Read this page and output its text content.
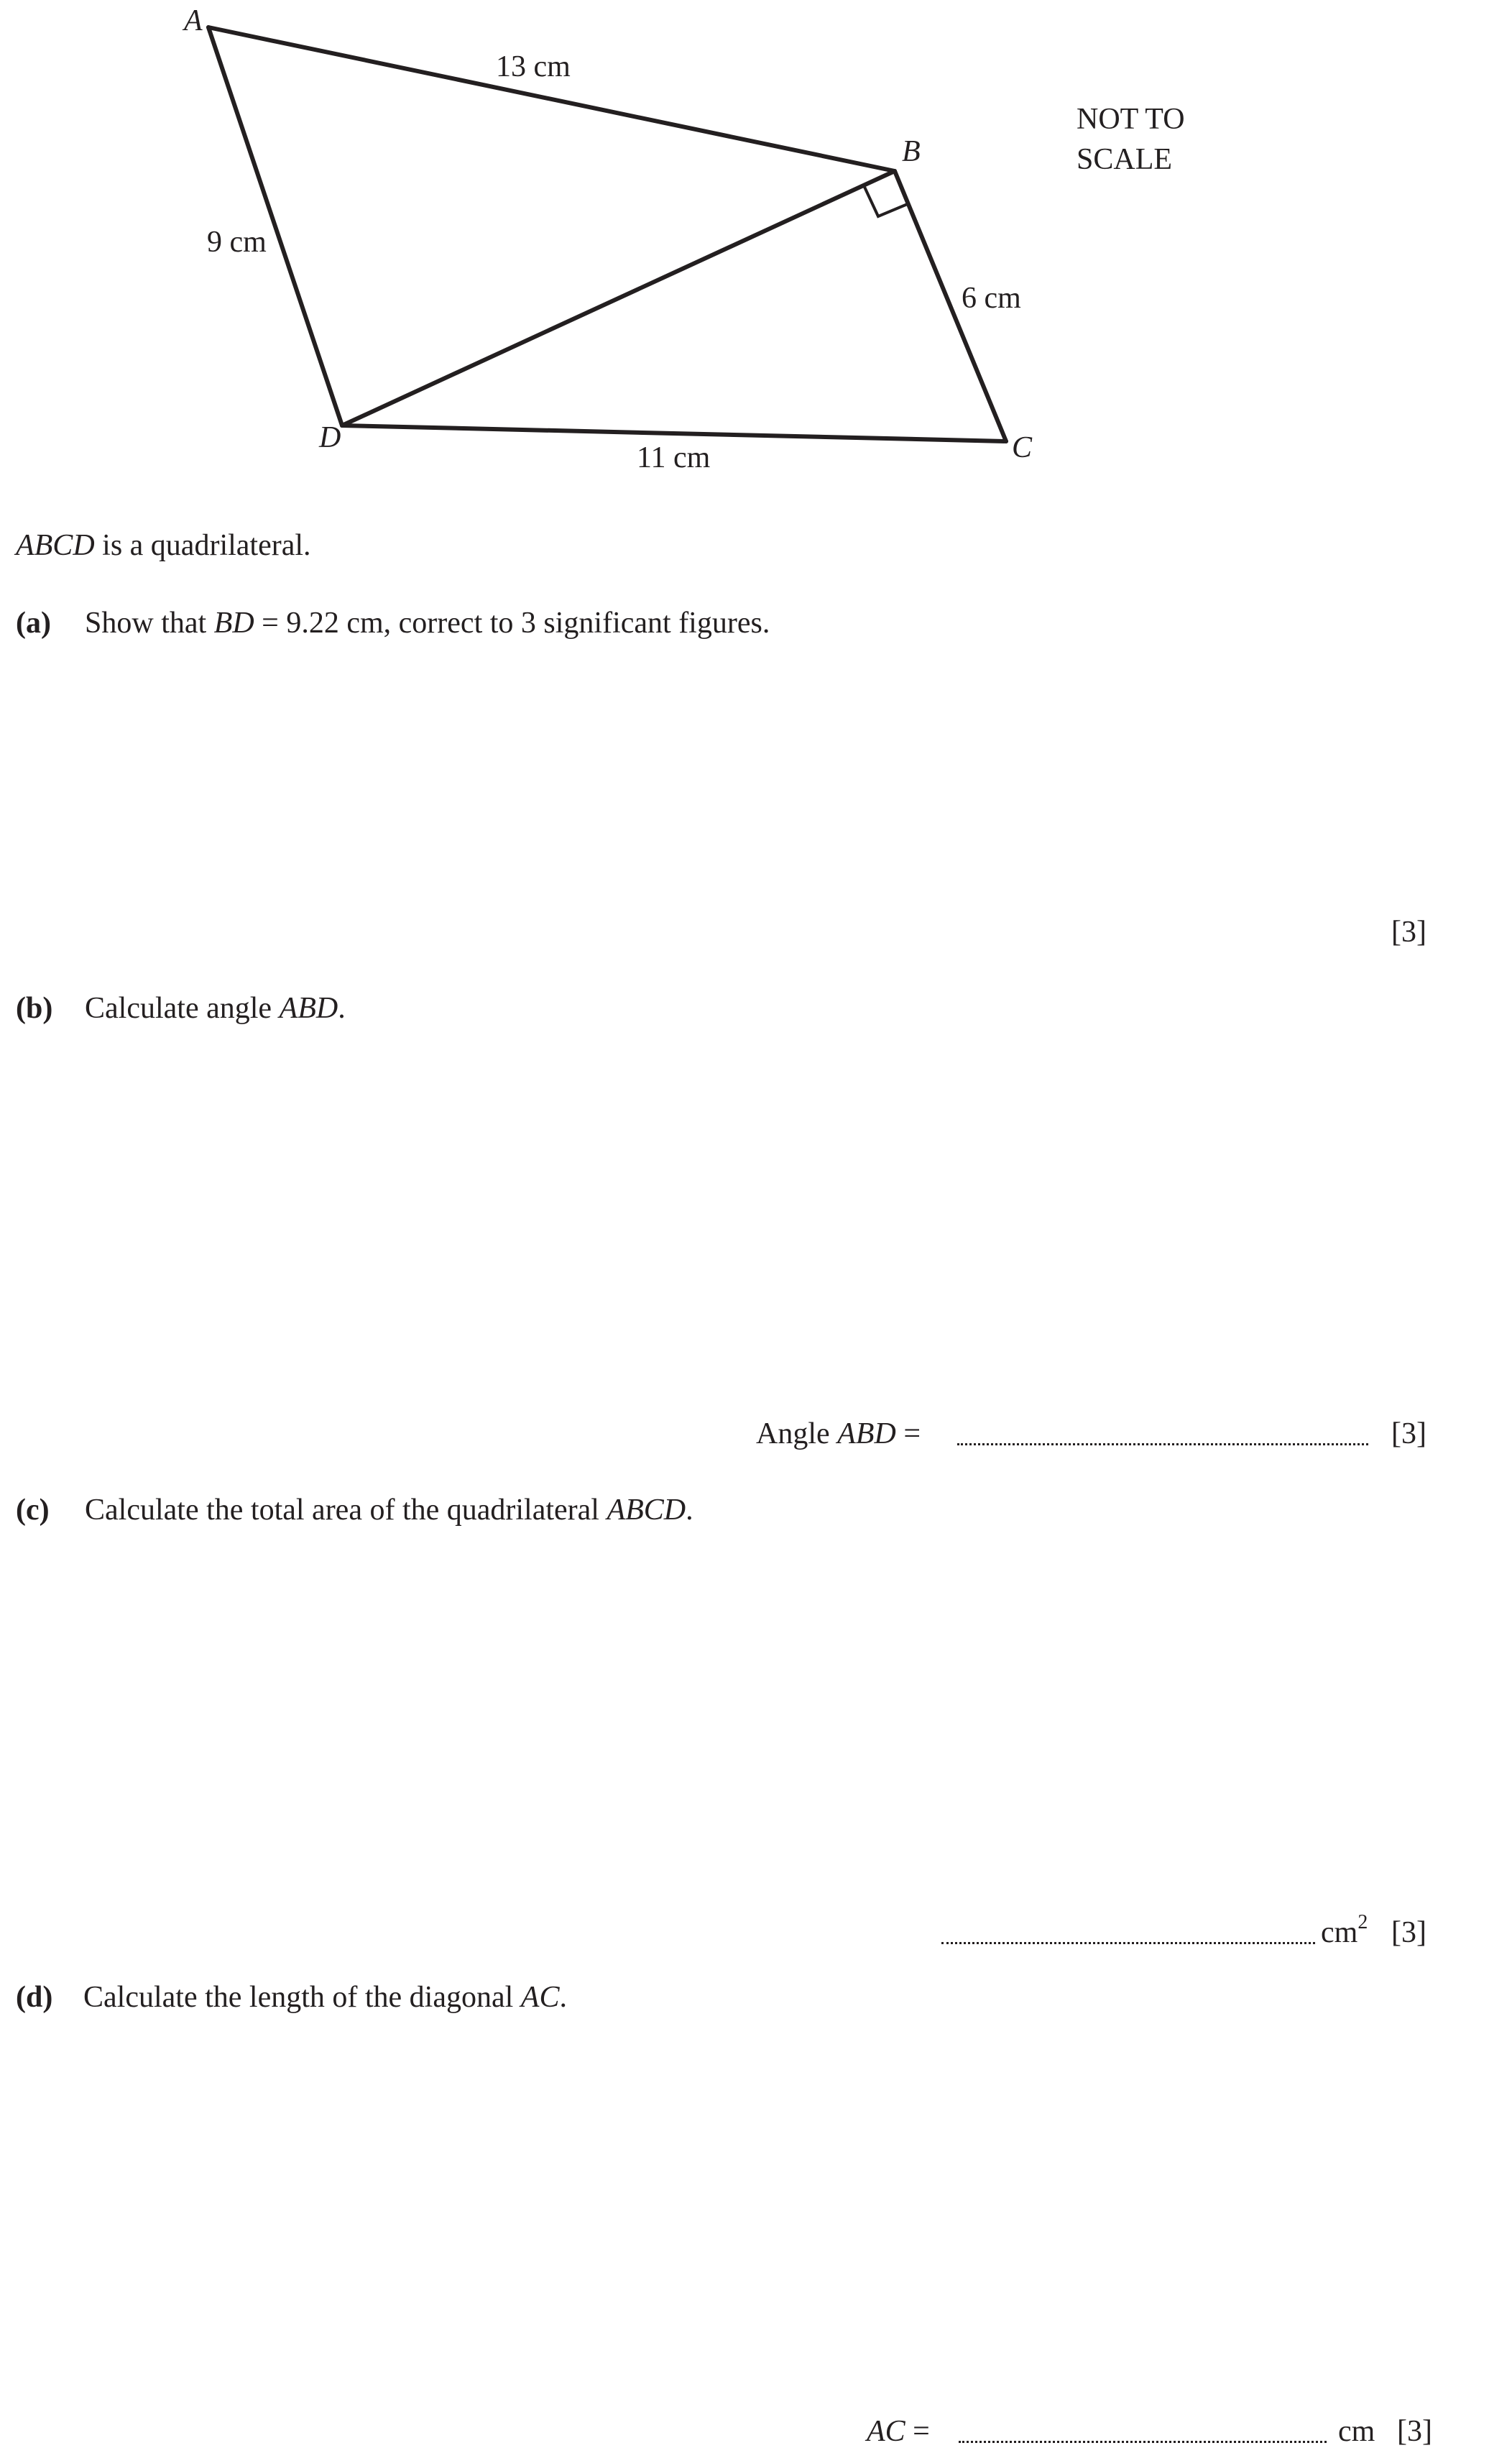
A
B
C
D
13 cm
9 cm
6 cm
11 cm
NOT TO
SCALE
ABCD is a quadrilateral.
(a) Show that BD = 9.22 cm, correct to 3 significant figures.
[3]
(b) Calculate angle ABD.
Angle ABD =	[3]
(c) Calculate the total area of the quadrilateral ABCD.
$cm^2$ [3]
(d) Calculate the length of the diagonal AC.
AC =	cm [3]
